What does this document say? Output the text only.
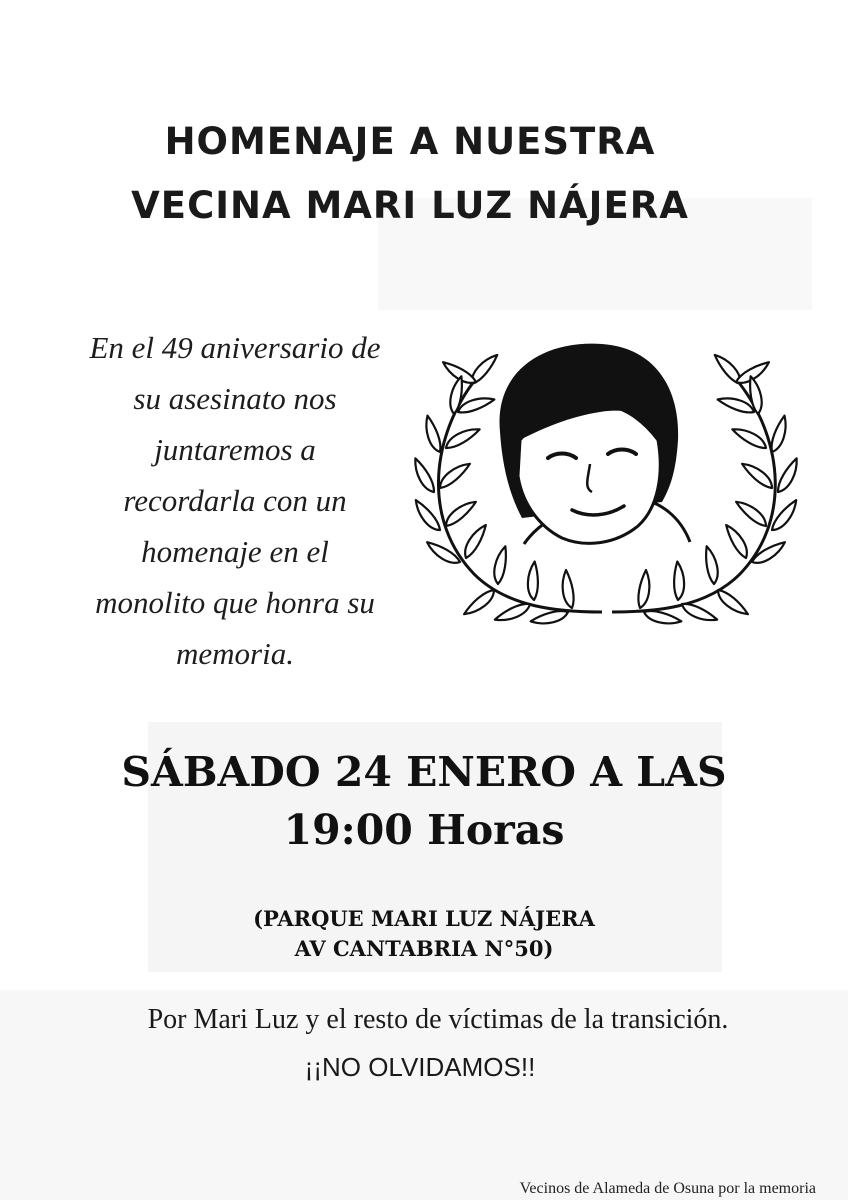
HOMENAJE A NUESTRA
VECINA MARI LUZ NÁJERA

En el 49 aniversario de

su asesinato nos

juntaremos a

recordarla con un

homenaje en el

monolito que honra su

memoria.

SÁBADO 24 ENERO A LAS
19:00 Horas

(PARQUE MARI LUZ NÁJERA

AV CANTABRIA N°50)

Por Mari Luz y el resto de víctimas de la transición.

¡¡NO OLVIDAMOS!!

Vecinos de Alameda de Osuna por la memoria
